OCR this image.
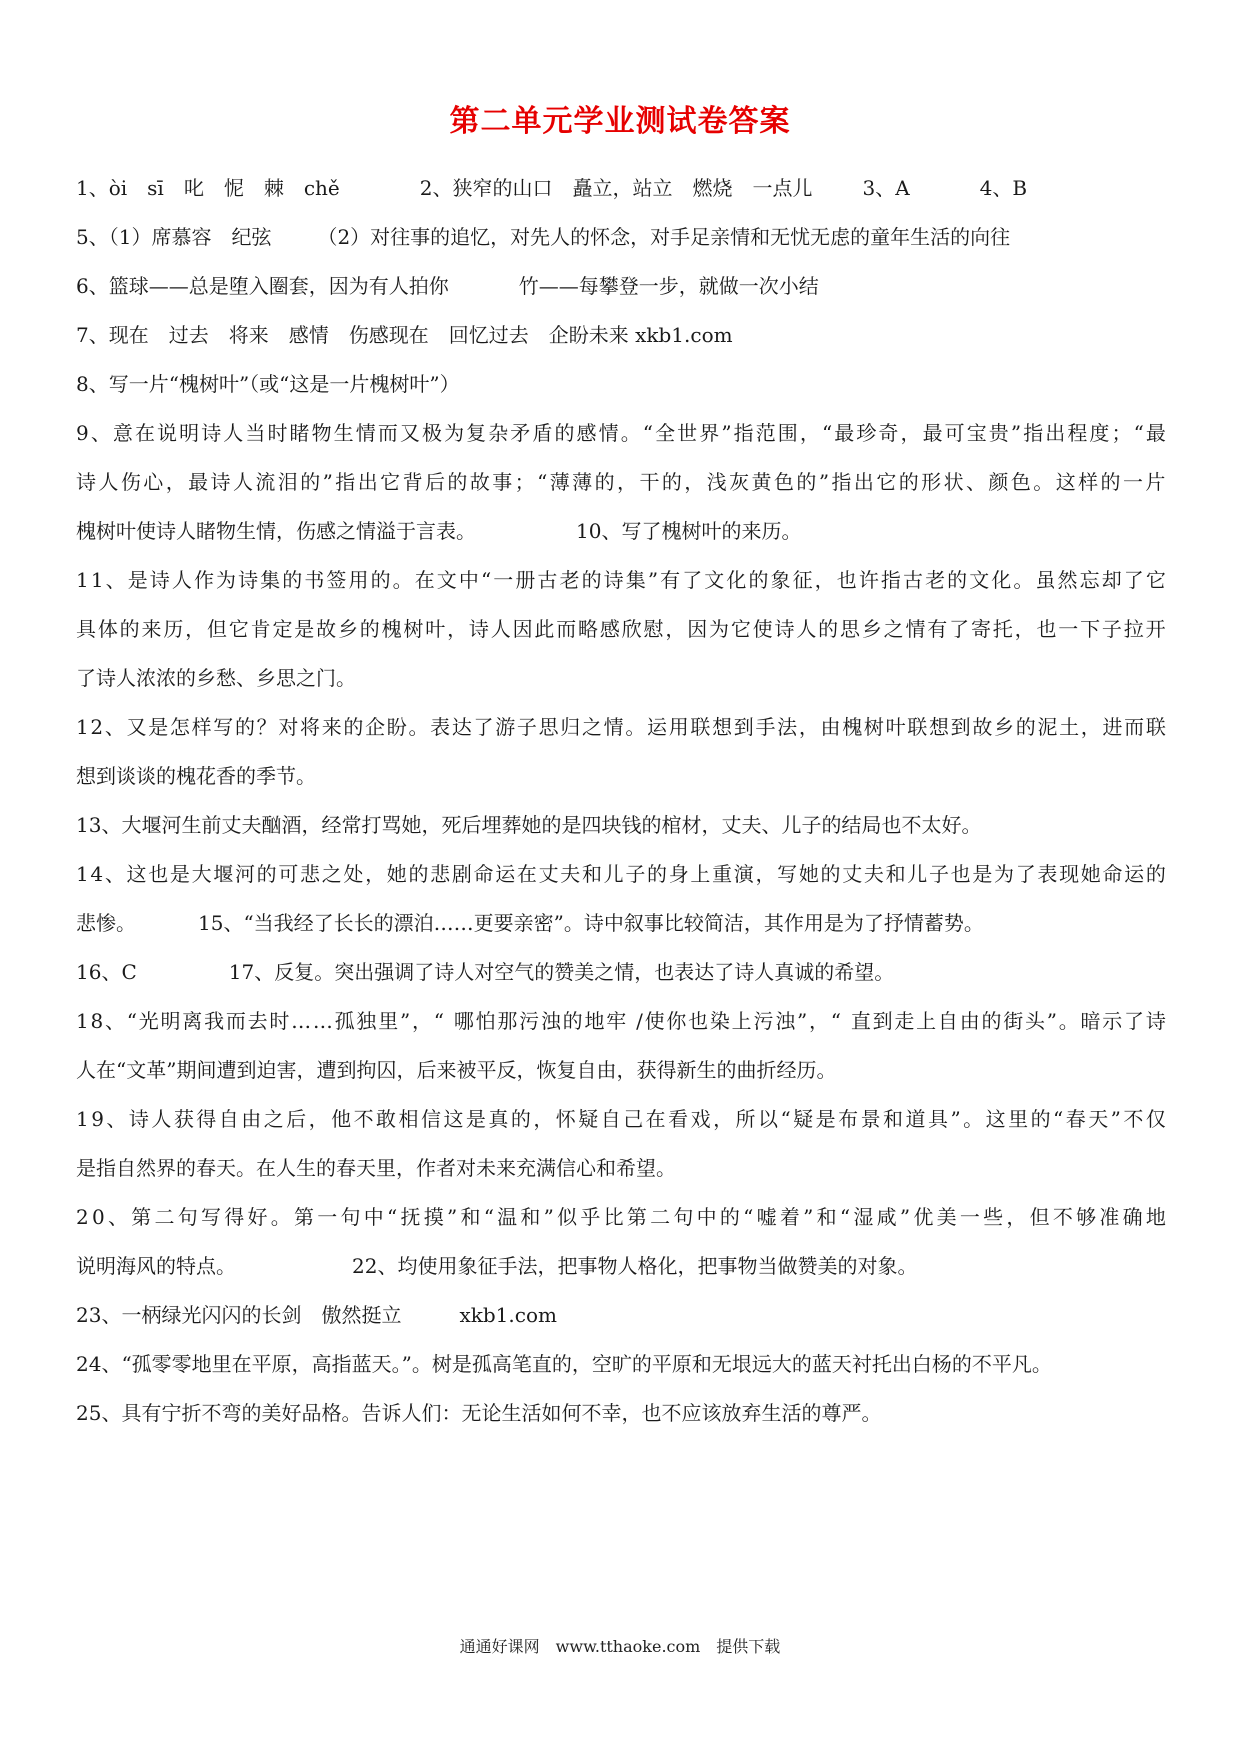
第二单元学业测试卷答案
1、òi　sī　叱　怩　棘　chě	2、狭窄的山口　矗立，站立　燃烧　一点儿	3、A	4、B
5、（1）席慕容　纪弦 （2）对往事的追忆，对先人的怀念，对手足亲情和无忧无虑的童年生活的向往
6、篮球——总是堕入圈套，因为有人拍你	竹——每攀登一步，就做一次小结
7、现在　过去　将来　感情　伤感现在　回忆过去　企盼未来 xkb1.com
8、写一片“槐树叶”（或“这是一片槐树叶”）
9 、 意 在 说 明 诗 人 当 时 睹 物 生 情 而 又 极 为 复 杂 矛 盾 的 感 情 。 “ 全 世 界 ” 指 范 围 ， “ 最 珍 奇 ， 最 可 宝 贵 ” 指 出 程 度 ； “ 最
诗 人 伤 心 ， 最 诗 人 流 泪 的 ” 指 出 它 背 后 的 故 事 ； “ 薄 薄 的 ， 干 的 ， 浅 灰 黄 色 的 ” 指 出 它 的 形 状 、 颜 色 。 这 样 的 一 片
槐树叶使诗人睹物生情，伤感之情溢于言表。	10、写了槐树叶的来历。
1 1 、 是 诗 人 作 为 诗 集 的 书 签 用 的 。 在 文 中 “ 一 册 古 老 的 诗 集 ” 有 了 文 化 的 象 征 ， 也 许 指 古 老 的 文 化 。 虽 然 忘 却 了 它
具 体 的 来 历 ， 但 它 肯 定 是 故 乡 的 槐 树 叶 ， 诗 人 因 此 而 略 感 欣 慰 ， 因 为 它 使 诗 人 的 思 乡 之 情 有 了 寄 托 ， 也 一 下 子 拉 开
了诗人浓浓的乡愁、乡思之门。
1 2 、 又 是 怎 样 写 的 ？ 对 将 来 的 企 盼 。 表 达 了 游 子 思 归 之 情 。 运 用 联 想 到 手 法 ， 由 槐 树 叶 联 想 到 故 乡 的 泥 土 ， 进 而 联
想到谈谈的槐花香的季节。
13、大堰河生前丈夫酗酒，经常打骂她，死后埋葬她的是四块钱的棺材，丈夫、儿子的结局也不太好。
1 4 、 这 也 是 大 堰 河 的 可 悲 之 处 ， 她 的 悲 剧 命 运 在 丈 夫 和 儿 子 的 身 上 重 演 ， 写 她 的 丈 夫 和 儿 子 也 是 为 了 表 现 她 命 运 的
悲惨。	15、“当我经了长长的漂泊……更要亲密”。诗中叙事比较简洁，其作用是为了抒情蓄势。
16、C	17、反复。突出强调了诗人对空气的赞美之情，也表达了诗人真诚的希望。
1 8 、 “ 光 明 离 我 而 去 时 … … 孤 独 里 ” ， “
哪 怕 那 污 浊 的 地 牢
/ 使 你 也 染 上 污 浊 ” ， “
直 到 走 上 自 由 的 街 头 ” 。 暗 示 了 诗
人在“文革”期间遭到迫害，遭到拘囚，后来被平反，恢复自由，获得新生的曲折经历。
1 9 、 诗 人 获 得 自 由 之 后 ， 他 不 敢 相 信 这 是 真 的 ， 怀 疑 自 己 在 看 戏 ， 所 以 “ 疑 是 布 景 和 道 具 ” 。 这 里 的 “ 春 天 ” 不 仅
是指自然界的春天。在人生的春天里，作者对未来充满信心和希望。
2 0 、 第 二 句 写 得 好 。 第 一 句 中 “ 抚 摸 ” 和 “ 温 和 ” 似 乎 比 第 二 句 中 的 “ 嘘 着 ” 和 “ 湿 咸 ” 优 美 一 些 ， 但 不 够 准 确 地
说明海风的特点。	22、均使用象征手法，把事物人格化，把事物当做赞美的对象。
23、一柄绿光闪闪的长剑　傲然挺立	xkb1.com
24、“孤零零地里在平原，高指蓝天。”。树是孤高笔直的，空旷的平原和无垠远大的蓝天衬托出白杨的不平凡。
25、具有宁折不弯的美好品格。告诉人们：无论生活如何不幸，也不应该放弃生活的尊严。
通通好课网　www.tthaoke.com　提供下载
